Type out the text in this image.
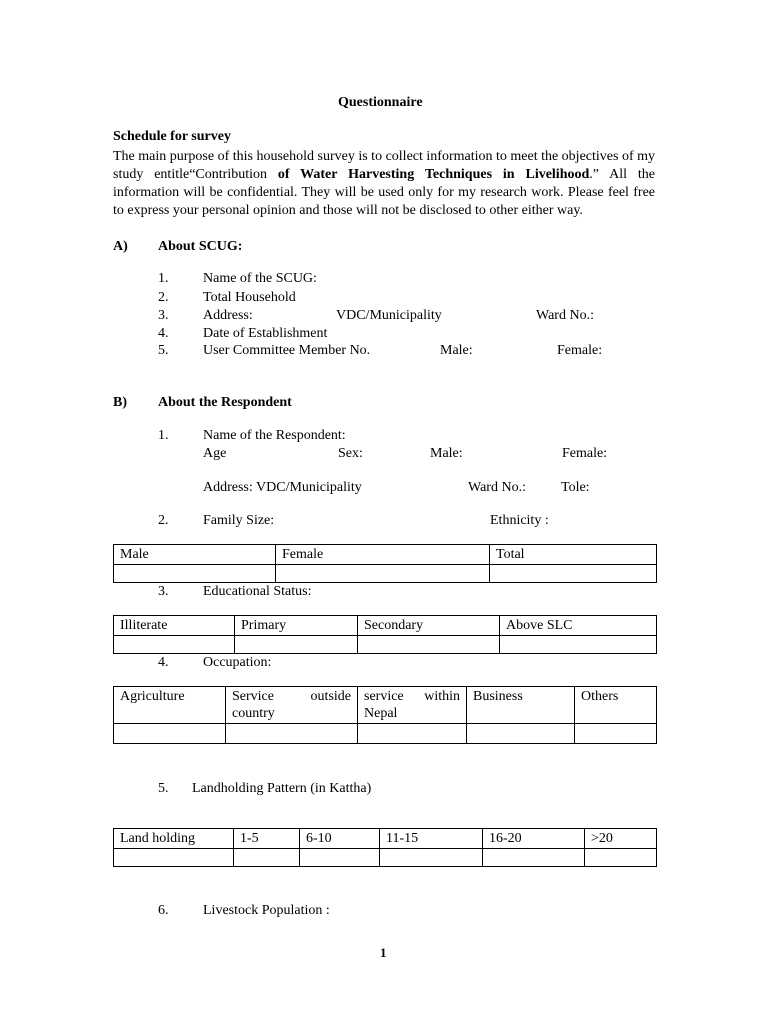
Questionnaire
Schedule for survey
The main purpose of this household survey is to collect information to meet the objectives of my study entitle“Contribution of Water Harvesting Techniques in Livelihood.” All the information will be confidential. They will be used only for my research work. Please feel free to express your personal opinion and those will not be disclosed to other either way.
A) About SCUG:
1. Name of the SCUG:
2. Total Household
3. Address:	VDC/Municipality	Ward No.:
4. Date of Establishment
5. User Committee Member No.	Male:	Female:
B) About the Respondent
1. Name of the Respondent:
Age	Sex:	Male:	Female:
Address: VDC/Municipality	Ward No.:	Tole:
2. Family Size:	Ethnicity :
Male	Female	Total

3. Educational Status:
Illiterate	Primary	Secondary	Above SLC

4. Occupation:
Agriculture	Service outside country	service within Nepal	Business	Others

5. Landholding Pattern (in Kattha)
Land holding	1-5	6-10	11-15	16-20	>20

6. Livestock Population :
1
